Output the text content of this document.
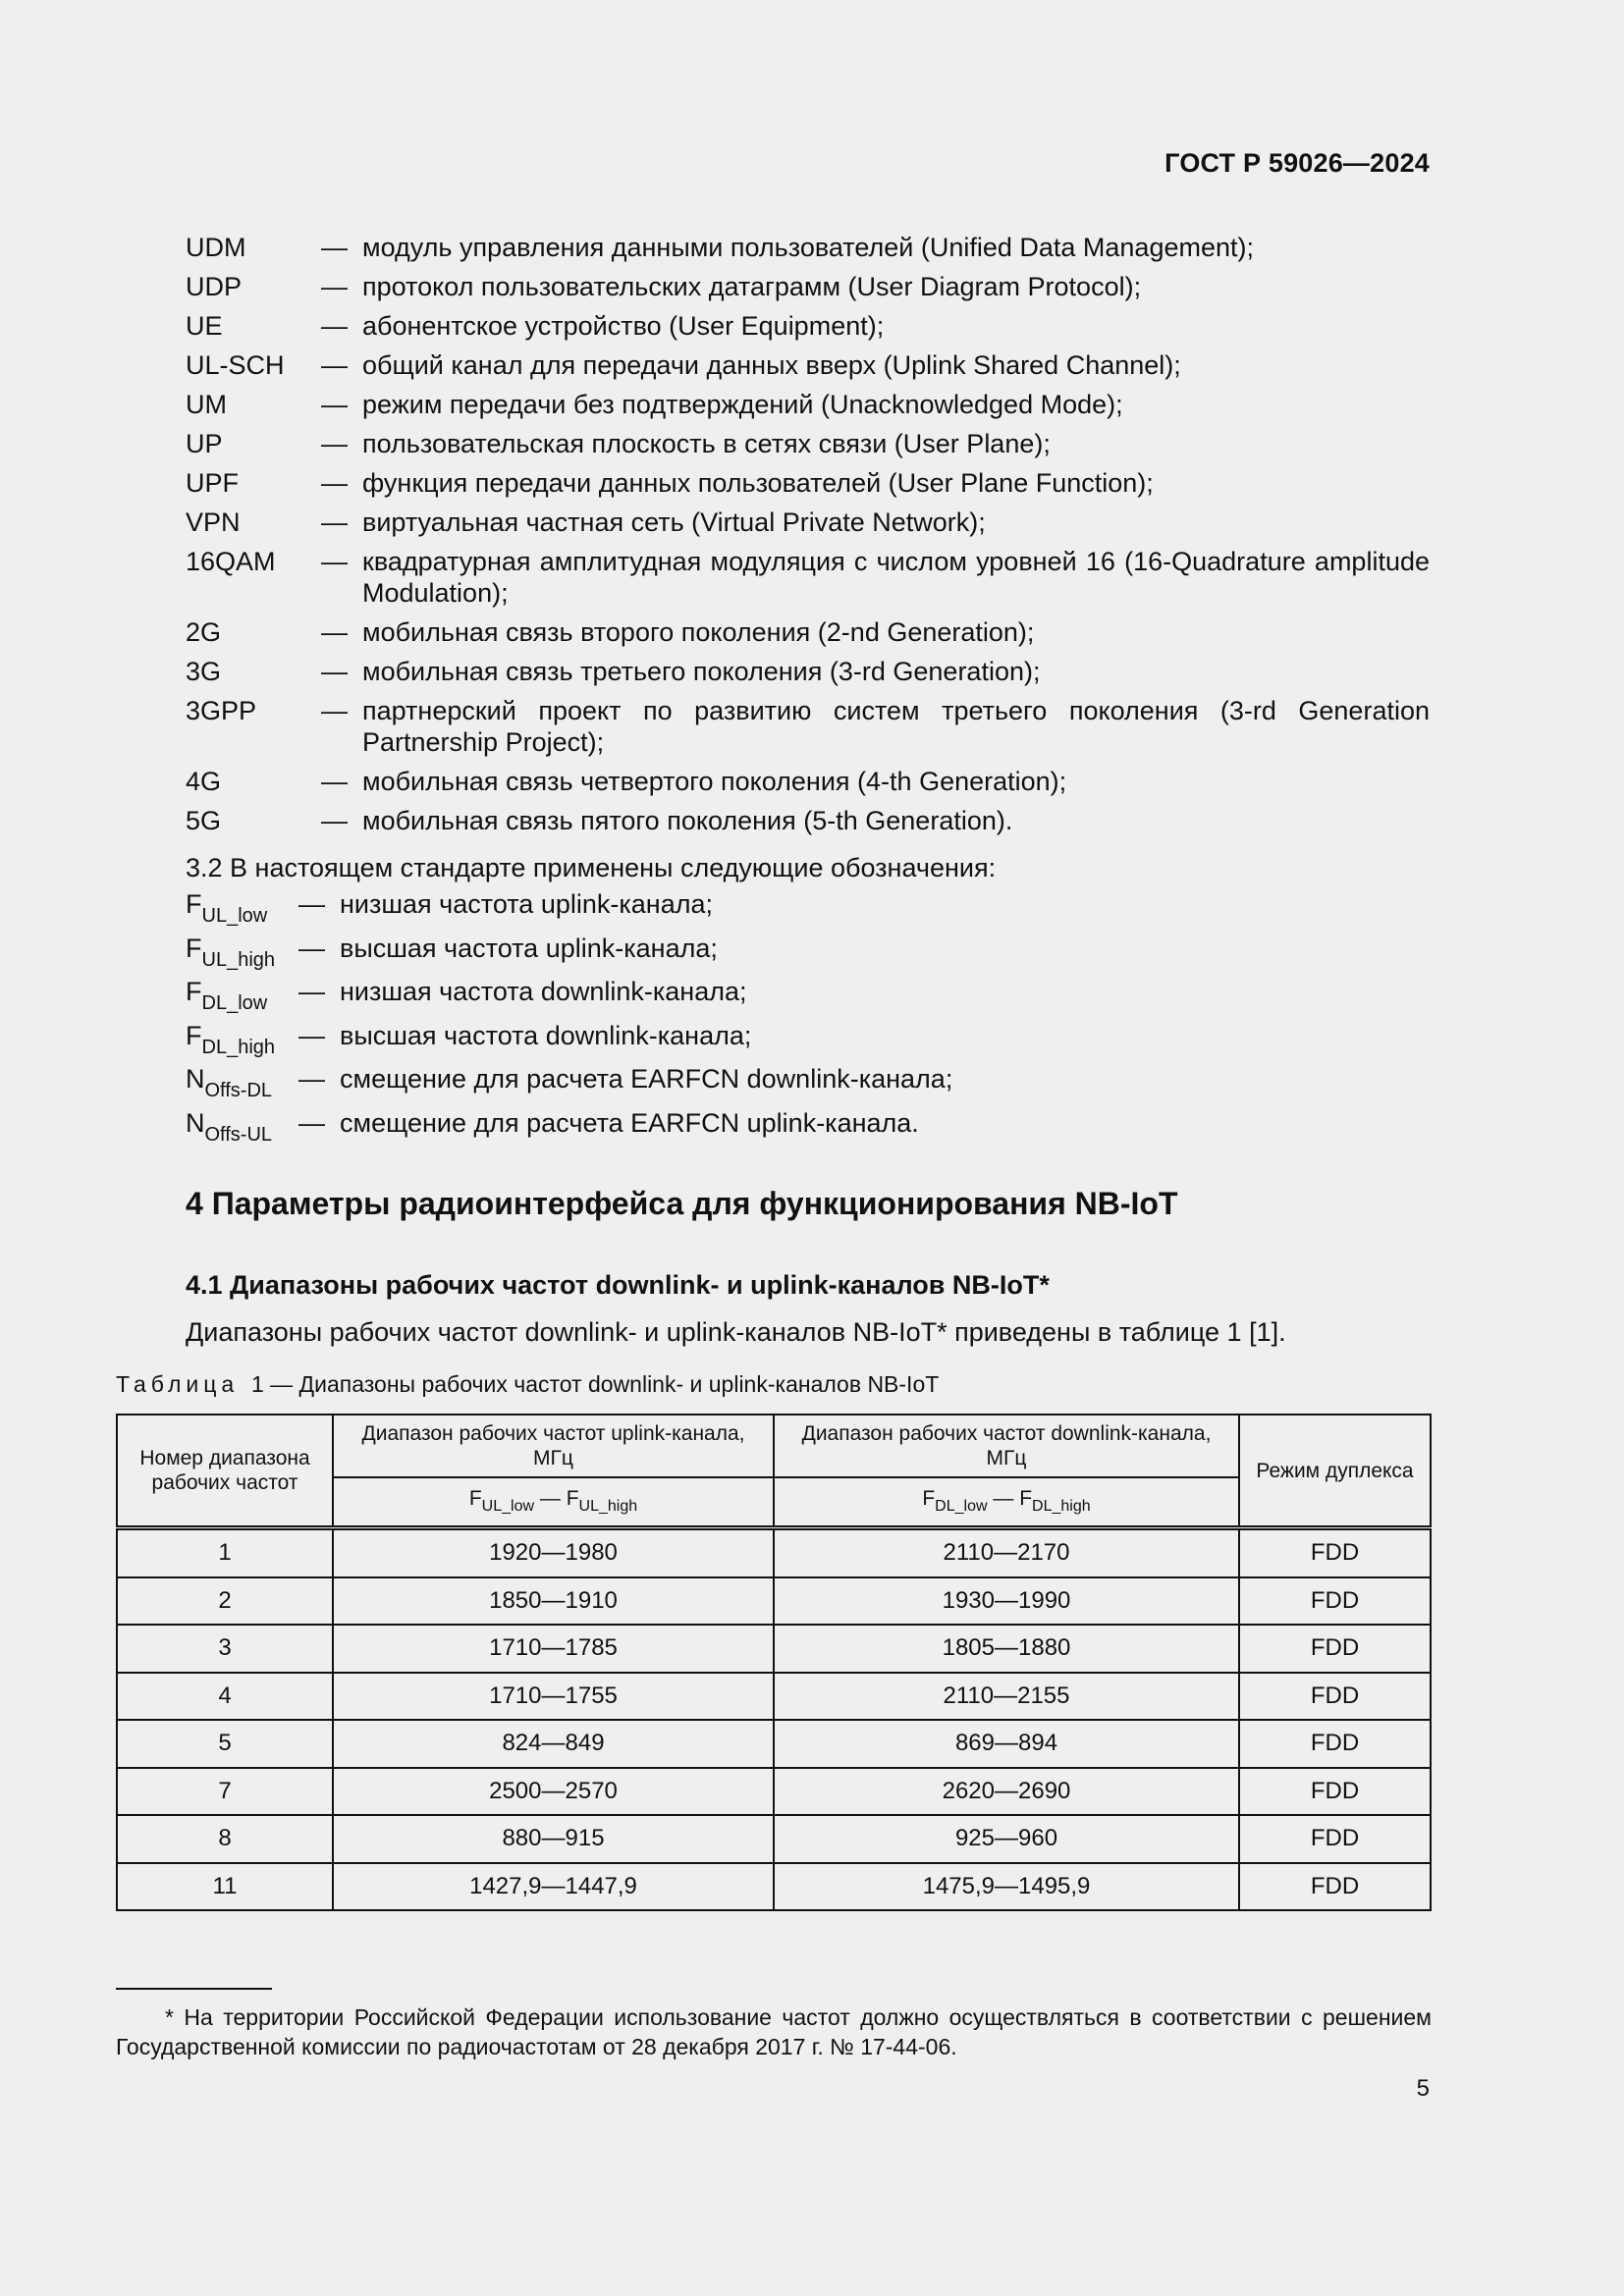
ГОСТ Р 59026—2024
UDM	— модуль управления данными пользователей (Unified Data Management);
UDP	— протокол пользовательских датаграмм (User Diagram Protocol);
UE	— абонентское устройство (User Equipment);
UL-SCH	— общий канал для передачи данных вверх (Uplink Shared Channel);
UM	— режим передачи без подтверждений (Unacknowledged Mode);
UP	— пользовательская плоскость в сетях связи (User Plane);
UPF	— функция передачи данных пользователей (User Plane Function);
VPN	— виртуальная частная сеть (Virtual Private Network);
16QAM	— квадратурная амплитудная модуляция с числом уровней 16 (16-Quadrature amplitude Modulation);
2G	— мобильная связь второго поколения (2-nd Generation);
3G	— мобильная связь третьего поколения (3-rd Generation);
3GPP	— партнерский проект по развитию систем третьего поколения (3-rd Generation Partnership Project);
4G	— мобильная связь четвертого поколения (4-th Generation);
5G	— мобильная связь пятого поколения (5-th Generation).
3.2 В настоящем стандарте применены следующие обозначения:
$F_{UL\_low}$	— низшая частота uplink-канала;
$F_{UL\_high}$ — высшая частота uplink-канала;
$F_{DL\_low}$	— низшая частота downlink-канала;
$F_{DL\_high}$ — высшая частота downlink-канала;
$N_{Offs-DL}$ — смещение для расчета EARFCN downlink-канала;
$N_{Offs-UL}$ — смещение для расчета EARFCN uplink-канала.
4 Параметры радиоинтерфейса для функционирования NB-IoT
4.1 Диапазоны рабочих частот downlink- и uplink-каналов NB-IoT*
Диапазоны рабочих частот downlink- и uplink-каналов NB-IoT* приведены в таблице 1 [1].
Таблица 1 — Диапазоны рабочих частот downlink- и uplink-каналов NB-IoT
Номер диапазона рабочих частот	Диапазон рабочих частот uplink-канала, МГц	Диапазон рабочих частот downlink-канала, МГц	Режим дуплекса
	$F_{UL\_low}$ — $F_{UL\_high}$	$F_{DL\_low}$ — $F_{DL\_high}$
1	1920—1980	2110—2170	FDD
2	1850—1910	1930—1990	FDD
3	1710—1785	1805—1880	FDD
4	1710—1755	2110—2155	FDD
5	824—849	869—894	FDD
7	2500—2570	2620—2690	FDD
8	880—915	925—960	FDD
11	1427,9—1447,9	1475,9—1495,9	FDD
* На территории Российской Федерации использование частот должно осуществляться в соответствии с решением Государственной комиссии по радиочастотам от 28 декабря 2017 г. № 17-44-06.
5
